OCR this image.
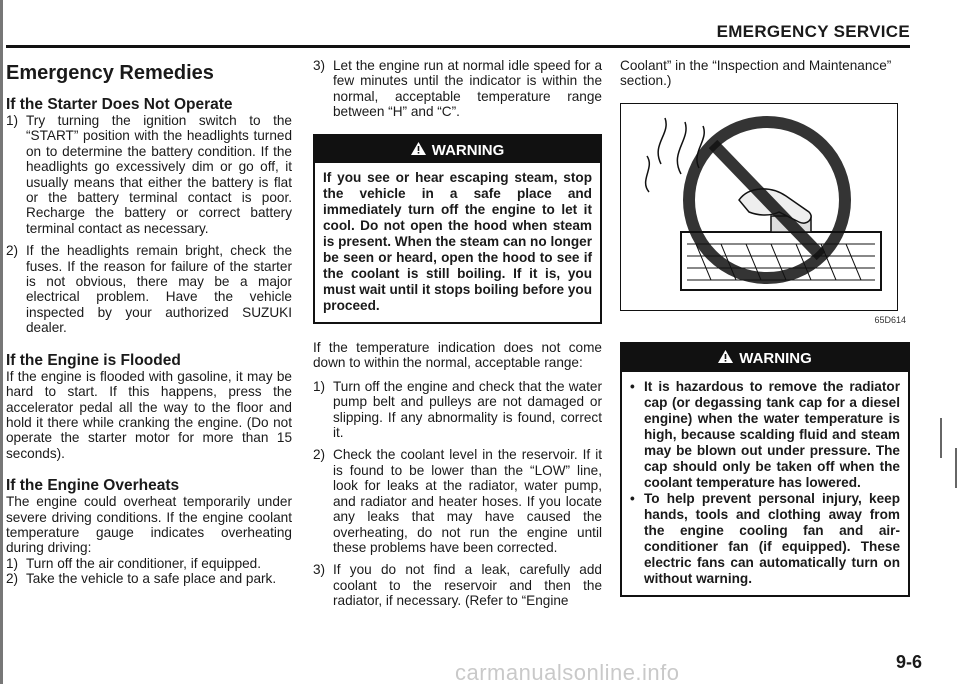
EMERGENCY SERVICE
Emergency Remedies
If the Starter Does Not Operate
1) Try turning the ignition switch to the “START” position with the headlights turned on to determine the battery condition. If the headlights go excessively dim or go off, it usually means that either the battery is flat or the battery terminal contact is poor. Recharge the battery or correct battery terminal contact as necessary.
2) If the headlights remain bright, check the fuses. If the reason for failure of the starter is not obvious, there may be a major electrical problem. Have the vehicle inspected by your authorized SUZUKI dealer.
If the Engine is Flooded

If the engine is flooded with gasoline, it may be hard to start. If this happens, press the accelerator pedal all the way to the floor and hold it there while cranking the engine. (Do not operate the starter motor for more than 15 seconds).

If the Engine Overheats

The engine could overheat temporarily under severe driving conditions. If the engine coolant temperature gauge indicates overheating during driving:

1) Turn off the air conditioner, if equipped.
2) Take the vehicle to a safe place and park.
3) Let the engine run at normal idle speed for a few minutes until the indicator is within the normal, acceptable temperature range between “H” and “C”.
WARNING
If you see or hear escaping steam, stop the vehicle in a safe place and immediately turn off the engine to let it cool. Do not open the hood when steam is present. When the steam can no longer be seen or heard, open the hood to see if the coolant is still boiling. If it is, you must wait until it stops boiling before you proceed.

If the temperature indication does not come down to within the normal, acceptable range:

1) Turn off the engine and check that the water pump belt and pulleys are not damaged or slipping. If any abnormality is found, correct it.
2) Check the coolant level in the reservoir. If it is found to be lower than the “LOW” line, look for leaks at the radiator, water pump, and radiator and heater hoses. If you locate any leaks that may have caused the overheating, do not run the engine until these problems have been corrected.
3) If you do not find a leak, carefully add coolant to the reservoir and then the radiator, if necessary. (Refer to “Engine

Coolant” in the “Inspection and Maintenance” section.)

65D614
WARNING
• It is hazardous to remove the radiator cap (or degassing tank cap for a diesel engine) when the water temperature is high, because scalding fluid and steam may be blown out under pressure. The cap should only be taken off when the coolant temperature has lowered.
• To help prevent personal injury, keep hands, tools and clothing away from the engine cooling fan and air-conditioner fan (if equipped). These electric fans can automatically turn on without warning.
carmanualsonline.info	9-6
